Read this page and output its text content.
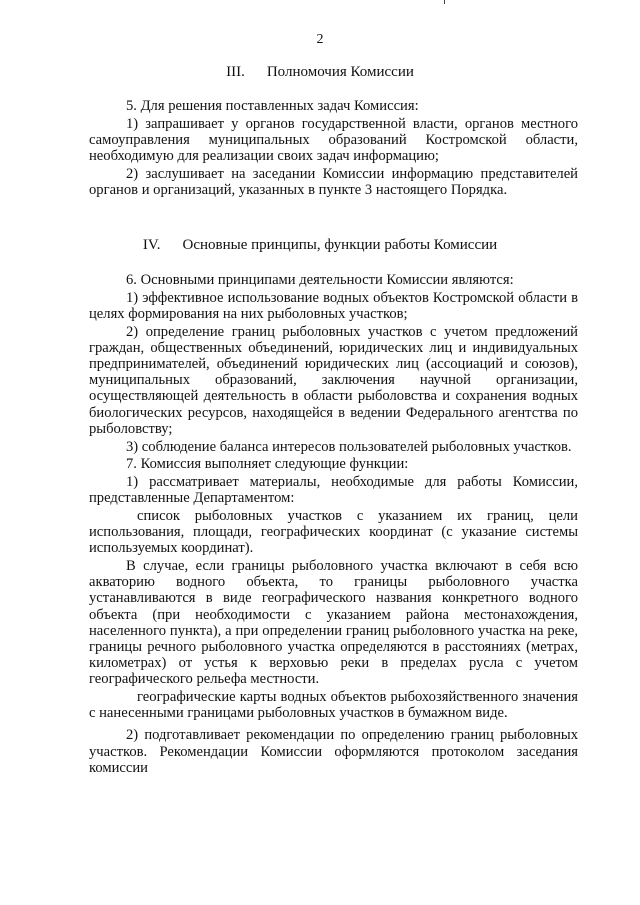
2
III. Полномочия Комиссии

5. Для решения поставленных задач Комиссия:

1) запрашивает у органов государственной власти, органов местного самоуправления муниципальных образований Костромской области, необходимую для реализации своих задач информацию;

2) заслушивает на заседании Комиссии информацию представителей органов и организаций, указанных в пункте 3 настоящего Порядка.

IV. Основные принципы, функции работы Комиссии

6. Основными принципами деятельности Комиссии являются:

1) эффективное использование водных объектов Костромской области в целях формирования на них рыболовных участков;

2) определение границ рыболовных участков с учетом предложений граждан, общественных объединений, юридических лиц и индивидуальных предпринимателей, объединений юридических лиц (ассоциаций и союзов), муниципальных образований, заключения научной организации, осуществляющей деятельность в области рыболовства и сохранения водных биологических ресурсов, находящейся в ведении Федерального агентства по рыболовству;

3) соблюдение баланса интересов пользователей рыболовных участков.

7. Комиссия выполняет следующие функции:

1) рассматривает материалы, необходимые для работы Комиссии, представленные Департаментом:

список рыболовных участков с указанием их границ, цели использования, площади, географических координат (с указание системы используемых координат).

В случае, если границы рыболовного участка включают в себя всю акваторию водного объекта, то границы рыболовного участка устанавливаются в виде географического названия конкретного водного объекта (при необходимости с указанием района местонахождения, населенного пункта), а при определении границ рыболовного участка на реке, границы речного рыболовного участка определяются в расстояниях (метрах, километрах) от устья к верховью реки в пределах русла с учетом географического рельефа местности.

географические карты водных объектов рыбохозяйственного значения с нанесенными границами рыболовных участков в бумажном виде.

2) подготавливает рекомендации по определению границ рыболовных участков. Рекомендации Комиссии оформляются протоколом заседания комиссии
